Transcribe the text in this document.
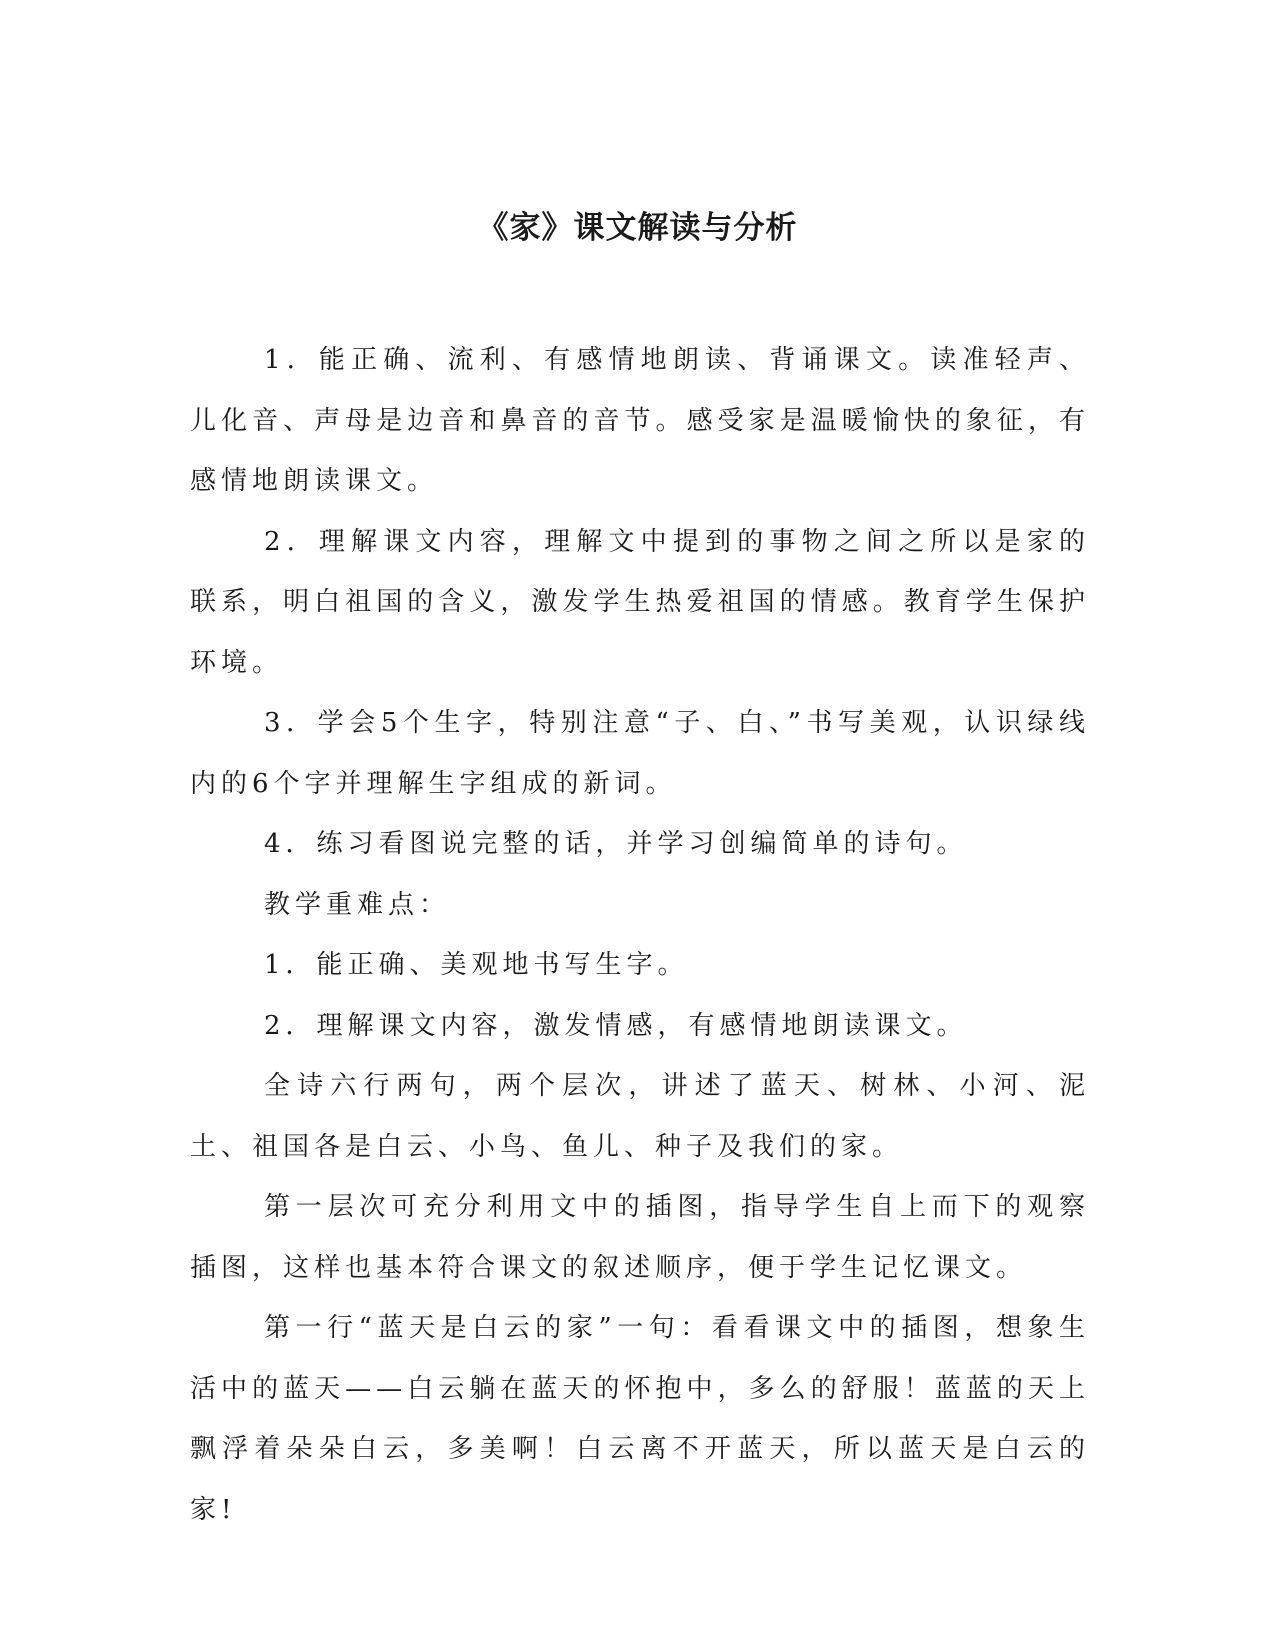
《家》课文解读与分析

1．能正确、流利、有感情地朗读、背诵课文。读准轻声、儿化音、声母是边音和鼻音的音节。感受家是温暖愉快的象征，有感情地朗读课文。

2．理解课文内容，理解文中提到的事物之间之所以是家的联系，明白祖国的含义，激发学生热爱祖国的情感。教育学生保护环境。

3．学会5个生字，特别注意“子、白、”书写美观，认识绿线内的6个字并理解生字组成的新词。

4．练习看图说完整的话，并学习创编简单的诗句。

教学重难点：

1．能正确、美观地书写生字。

2．理解课文内容，激发情感，有感情地朗读课文。

全诗六行两句，两个层次，讲述了蓝天、树林、小河、泥土、祖国各是白云、小鸟、鱼儿、种子及我们的家。

第一层次可充分利用文中的插图，指导学生自上而下的观察插图，这样也基本符合课文的叙述顺序，便于学生记忆课文。

第一行“蓝天是白云的家”一句：看看课文中的插图，想象生活中的蓝天——白云躺在蓝天的怀抱中，多么的舒服！蓝蓝的天上飘浮着朵朵白云，多美啊！白云离不开蓝天，所以蓝天是白云的家!
